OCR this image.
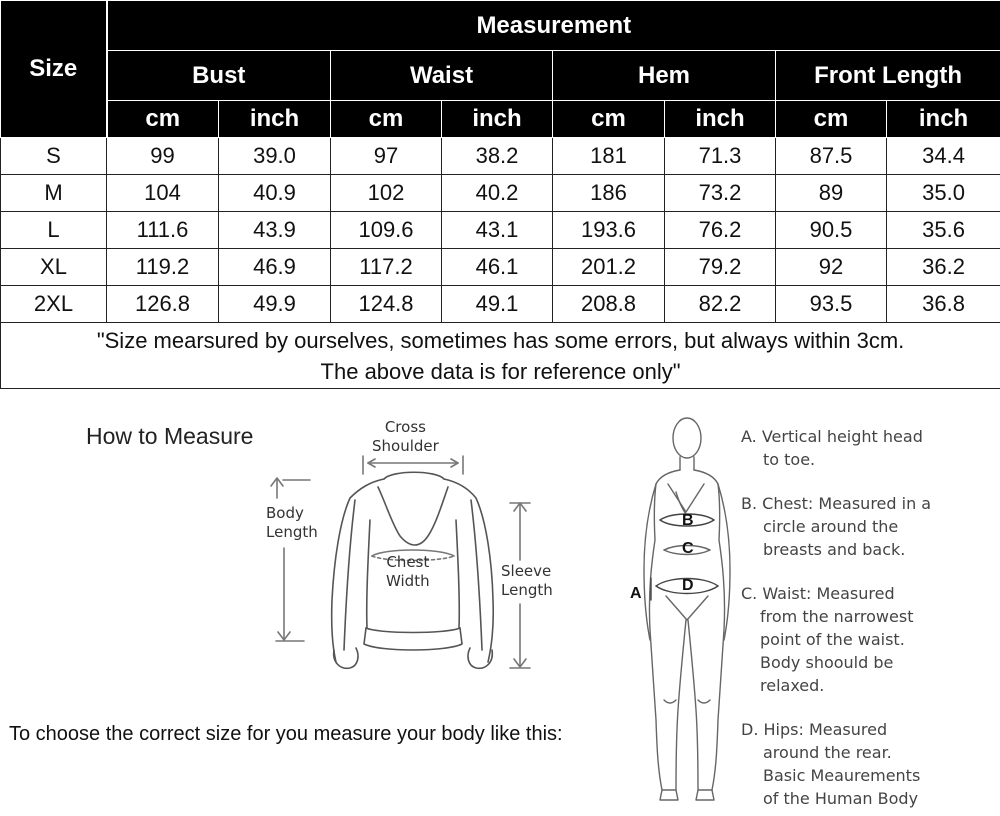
Size	Measurement							
	Bust		Waist		Hem		Front Length	
	cm	inch	cm	inch	cm	inch	cm	inch
S	99	39.0	97	38.2	181	71.3	87.5	34.4
M	104	40.9	102	40.2	186	73.2	89	35.0
L	111.6	43.9	109.6	43.1	193.6	76.2	90.5	35.6
XL	119.2	46.9	117.2	46.1	201.2	79.2	92	36.2
2XL	126.8	49.9	124.8	49.1	208.8	82.2	93.5	36.8
"Size mearsured by ourselves, sometimes has some errors, but always within 3cm.
The above data is for reference only"								
How to Measure
To choose the correct size for you measure your body like this:
Cross
Shoulder
Body
Length
Chest
Width
Sleeve
Length
B
C
D
A
A. Vertical height head
to toe.
B. Chest: Measured in a
circle around the
breasts and back.
C. Waist: Measured
from the narrowest
point of the waist.
Body shoould be
relaxed.
D. Hips: Measured
around the rear.
Basic Meaurements
of the Human Body
